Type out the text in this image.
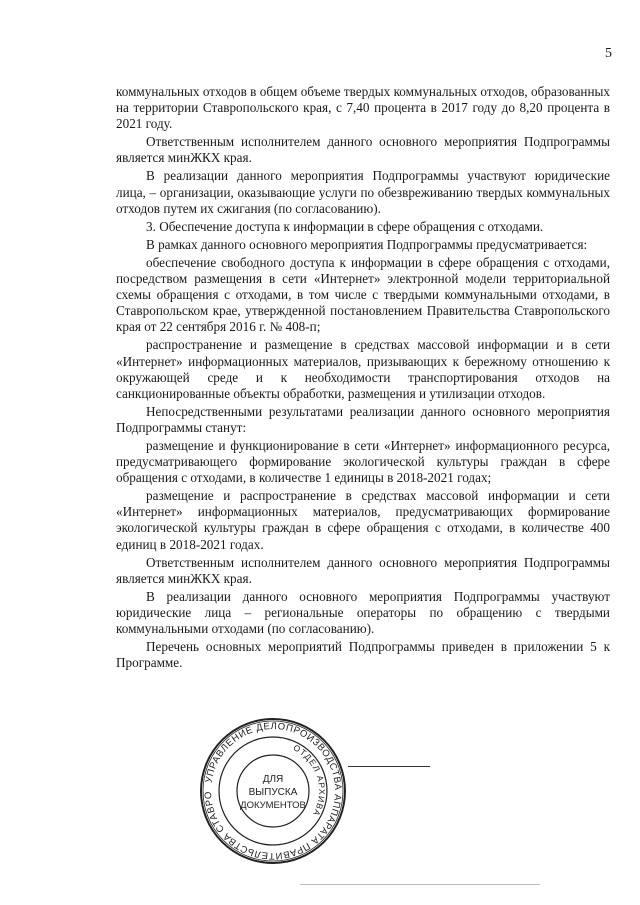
5

коммунальных отходов в общем объеме твердых коммунальных отходов, образованных на территории Ставропольского края, с 7,40 процента в 2017 году до 8,20 процента в 2021 году.

Ответственным исполнителем данного основного мероприятия Подпрограммы является минЖКХ края.

В реализации данного мероприятия Подпрограммы участвуют юридические лица, – организации, оказывающие услуги по обезвреживанию твердых коммунальных отходов путем их сжигания (по согласованию).

3. Обеспечение доступа к информации в сфере обращения с отходами.

В рамках данного основного мероприятия Подпрограммы предусматривается:

обеспечение свободного доступа к информации в сфере обращения с отходами, посредством размещения в сети «Интернет» электронной модели территориальной схемы обращения с отходами, в том числе с твердыми коммунальными отходами, в Ставропольском крае, утвержденной постановлением Правительства Ставропольского края от 22 сентября 2016 г. № 408-п;

распространение и размещение в средствах массовой информации и в сети «Интернет» информационных материалов, призывающих к бережному отношению к окружающей среде и к необходимости транспортирования отходов на санкционированные объекты обработки, размещения и утилизации отходов.

Непосредственными результатами реализации данного основного мероприятия Подпрограммы станут:

размещение и функционирование в сети «Интернет» информационного ресурса, предусматривающего формирование экологической культуры граждан в сфере обращения с отходами, в количестве 1 единицы в 2018-2021 годах;

размещение и распространение в средствах массовой информации и сети «Интернет» информационных материалов, предусматривающих формирование экологической культуры граждан в сфере обращения с отходами, в количестве 400 единиц в 2018-2021 годах.

Ответственным исполнителем данного основного мероприятия Подпрограммы является минЖКХ края.

В реализации данного основного мероприятия Подпрограммы участвуют юридические лица – региональные операторы по обращению с твердыми коммунальными отходами (по согласованию).

Перечень основных мероприятий Подпрограммы приведен в приложении 5 к Программе.

УПРАВЛЕНИЕ ДЕЛОПРОИЗВОДСТВА АППАРАТА ПРАВИТЕЛЬСТВА СТАВРО
ОТДЕЛ АРХИВА
ДЛЯ
ВЫПУСКА
ДОКУМЕНТОВ
